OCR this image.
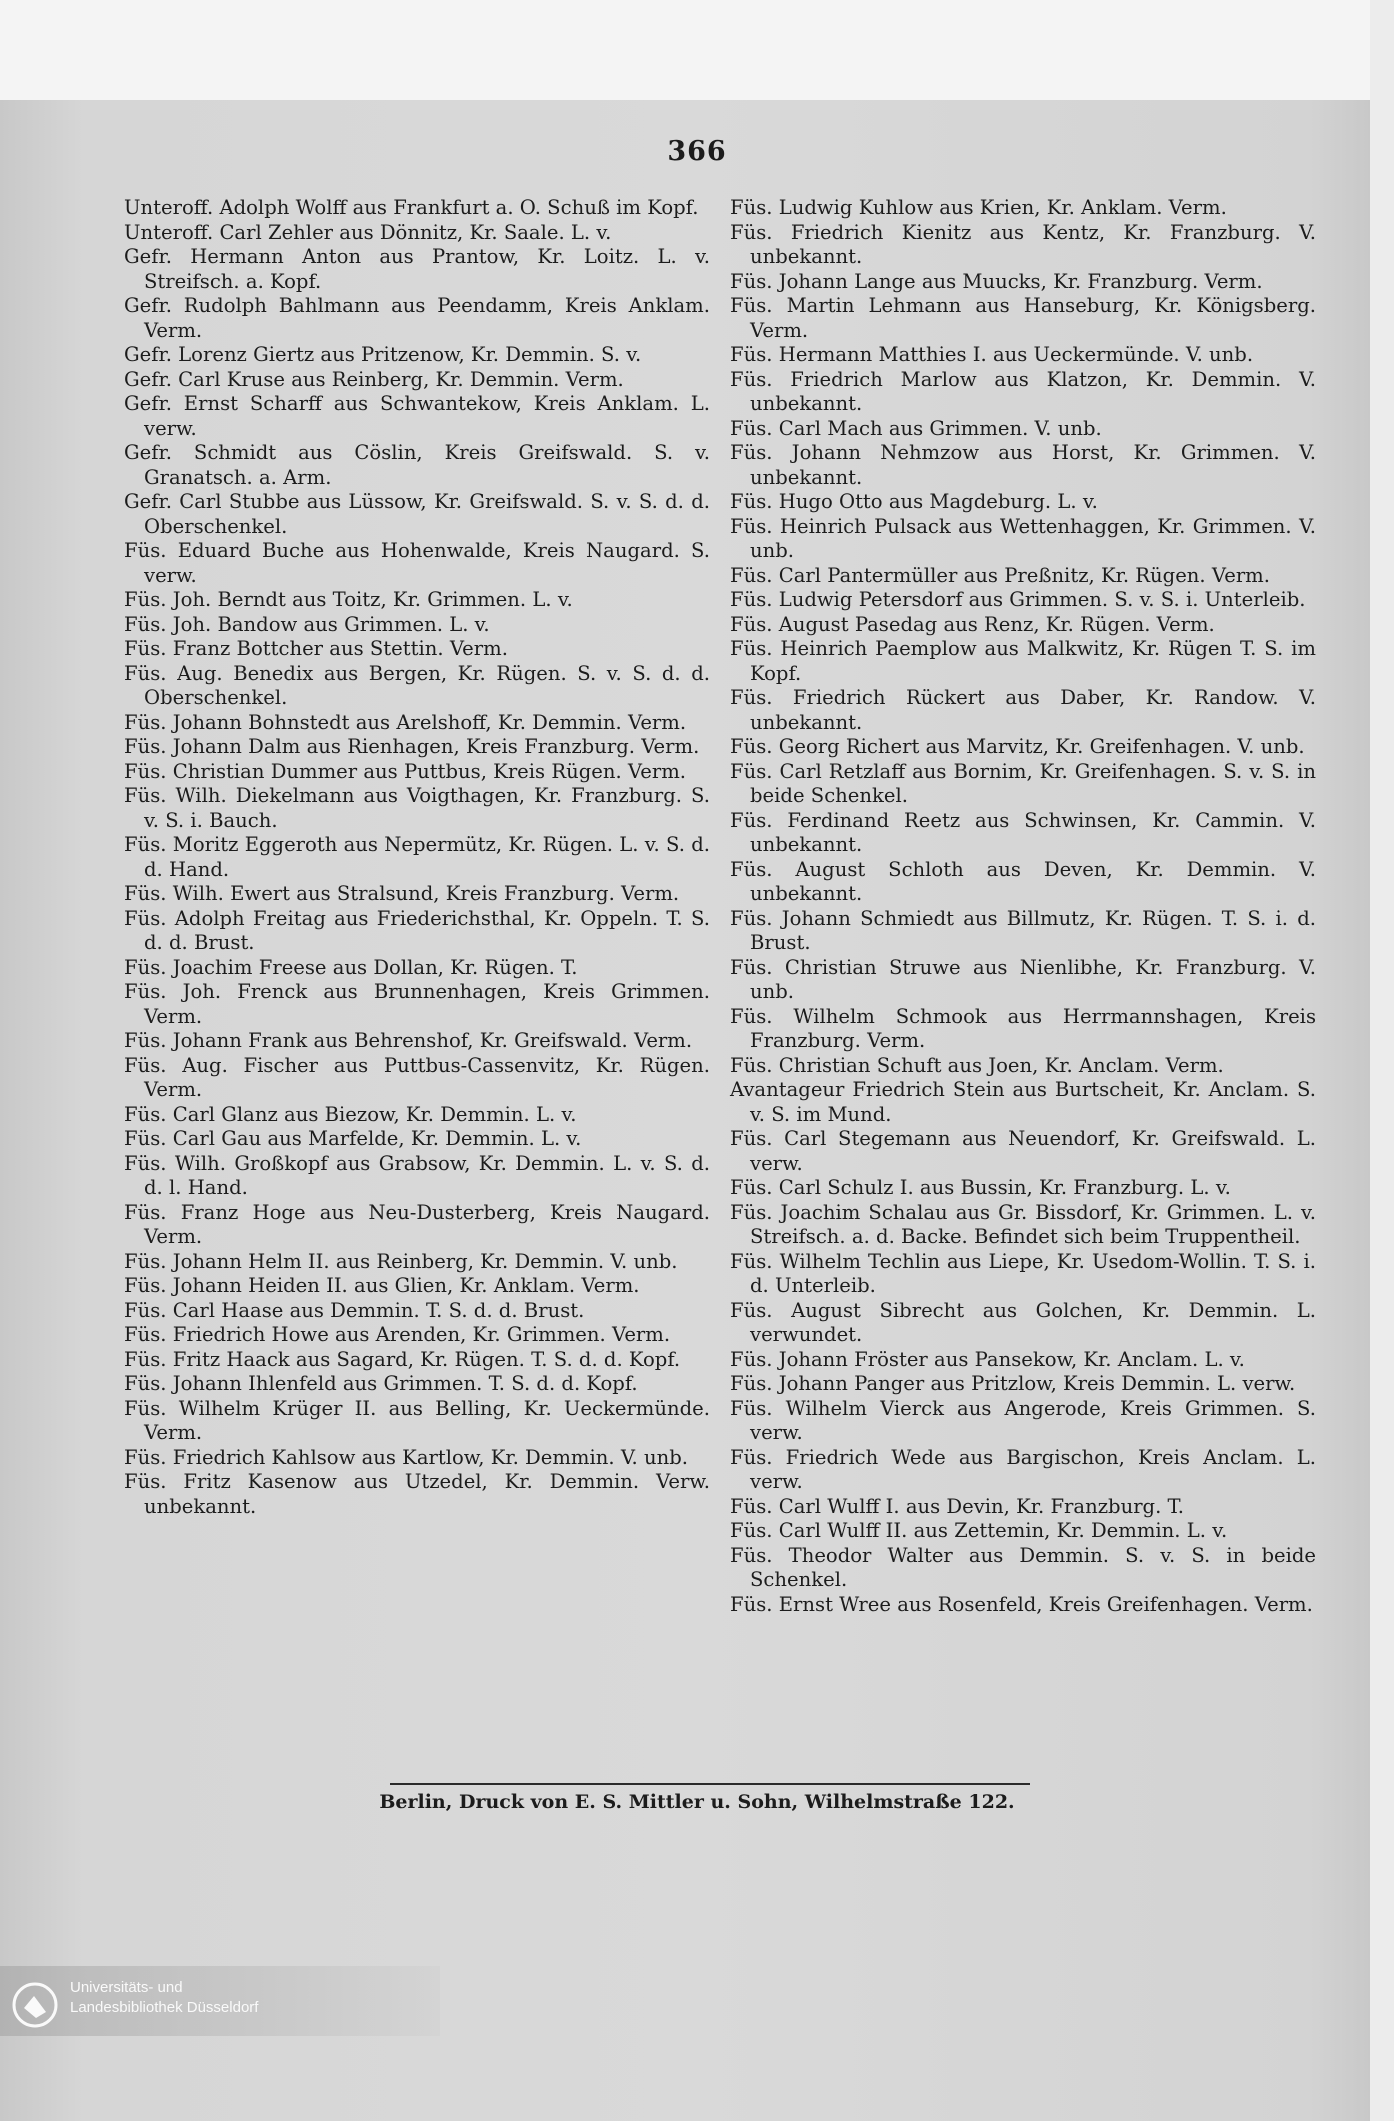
366
Unteroff. Adolph Wolff aus Frankfurt a. O. Schuß im Kopf.
Unteroff. Carl Zehler aus Dönnitz, Kr. Saale. L. v.
Gefr. Hermann Anton aus Prantow, Kr. Loitz. L. v. Streifsch. a. Kopf.
Gefr. Rudolph Bahlmann aus Peendamm, Kreis Anklam. Verm.
Gefr. Lorenz Giertz aus Pritzenow, Kr. Demmin. S. v.
Gefr. Carl Kruse aus Reinberg, Kr. Demmin. Verm.
Gefr. Ernst Scharff aus Schwantekow, Kreis Anklam. L. verw.
Gefr. Schmidt aus Cöslin, Kreis Greifswald. S. v. Granatsch. a. Arm.
Gefr. Carl Stubbe aus Lüssow, Kr. Greifswald. S. v. S. d. d. Oberschenkel.
Füs. Eduard Buche aus Hohenwalde, Kreis Naugard. S. verw.
Füs. Joh. Berndt aus Toitz, Kr. Grimmen. L. v.
Füs. Joh. Bandow aus Grimmen. L. v.
Füs. Franz Bottcher aus Stettin. Verm.
Füs. Aug. Benedix aus Bergen, Kr. Rügen. S. v. S. d. d. Oberschenkel.
Füs. Johann Bohnstedt aus Arelshoff, Kr. Demmin. Verm.
Füs. Johann Dalm aus Rienhagen, Kreis Franzburg. Verm.
Füs. Christian Dummer aus Puttbus, Kreis Rügen. Verm.
Füs. Wilh. Diekelmann aus Voigthagen, Kr. Franzburg. S. v. S. i. Bauch.
Füs. Moritz Eggeroth aus Nepermütz, Kr. Rügen. L. v. S. d. d. Hand.
Füs. Wilh. Ewert aus Stralsund, Kreis Franzburg. Verm.
Füs. Adolph Freitag aus Friederichsthal, Kr. Oppeln. T. S. d. d. Brust.
Füs. Joachim Freese aus Dollan, Kr. Rügen. T.
Füs. Joh. Frenck aus Brunnenhagen, Kreis Grimmen. Verm.
Füs. Johann Frank aus Behrenshof, Kr. Greifswald. Verm.
Füs. Aug. Fischer aus Puttbus-Cassenvitz, Kr. Rügen. Verm.
Füs. Carl Glanz aus Biezow, Kr. Demmin. L. v.
Füs. Carl Gau aus Marfelde, Kr. Demmin. L. v.
Füs. Wilh. Großkopf aus Grabsow, Kr. Demmin. L. v. S. d. d. l. Hand.
Füs. Franz Hoge aus Neu-Dusterberg, Kreis Naugard. Verm.
Füs. Johann Helm II. aus Reinberg, Kr. Demmin. V. unb.
Füs. Johann Heiden II. aus Glien, Kr. Anklam. Verm.
Füs. Carl Haase aus Demmin. T. S. d. d. Brust.
Füs. Friedrich Howe aus Arenden, Kr. Grimmen. Verm.
Füs. Fritz Haack aus Sagard, Kr. Rügen. T. S. d. d. Kopf.
Füs. Johann Ihlenfeld aus Grimmen. T. S. d. d. Kopf.
Füs. Wilhelm Krüger II. aus Belling, Kr. Ueckermünde. Verm.
Füs. Friedrich Kahlsow aus Kartlow, Kr. Demmin. V. unb.
Füs. Fritz Kasenow aus Utzedel, Kr. Demmin. Verw. unbekannt.
Füs. Ludwig Kuhlow aus Krien, Kr. Anklam. Verm.
Füs. Friedrich Kienitz aus Kentz, Kr. Franzburg. V. unbekannt.
Füs. Johann Lange aus Muucks, Kr. Franzburg. Verm.
Füs. Martin Lehmann aus Hanseburg, Kr. Königsberg. Verm.
Füs. Hermann Matthies I. aus Ueckermünde. V. unb.
Füs. Friedrich Marlow aus Klatzon, Kr. Demmin. V. unbekannt.
Füs. Carl Mach aus Grimmen. V. unb.
Füs. Johann Nehmzow aus Horst, Kr. Grimmen. V. unbekannt.
Füs. Hugo Otto aus Magdeburg. L. v.
Füs. Heinrich Pulsack aus Wettenhaggen, Kr. Grimmen. V. unb.
Füs. Carl Pantermüller aus Preßnitz, Kr. Rügen. Verm.
Füs. Ludwig Petersdorf aus Grimmen. S. v. S. i. Unterleib.
Füs. August Pasedag aus Renz, Kr. Rügen. Verm.
Füs. Heinrich Paemplow aus Malkwitz, Kr. Rügen T. S. im Kopf.
Füs. Friedrich Rückert aus Daber, Kr. Randow. V. unbekannt.
Füs. Georg Richert aus Marvitz, Kr. Greifenhagen. V. unb.
Füs. Carl Retzlaff aus Bornim, Kr. Greifenhagen. S. v. S. in beide Schenkel.
Füs. Ferdinand Reetz aus Schwinsen, Kr. Cammin. V. unbekannt.
Füs. August Schloth aus Deven, Kr. Demmin. V. unbekannt.
Füs. Johann Schmiedt aus Billmutz, Kr. Rügen. T. S. i. d. Brust.
Füs. Christian Struwe aus Nienlibhe, Kr. Franzburg. V. unb.
Füs. Wilhelm Schmook aus Herrmannshagen, Kreis Franzburg. Verm.
Füs. Christian Schuft aus Joen, Kr. Anclam. Verm.
Avantageur Friedrich Stein aus Burtscheit, Kr. Anclam. S. v. S. im Mund.
Füs. Carl Stegemann aus Neuendorf, Kr. Greifswald. L. verw.
Füs. Carl Schulz I. aus Bussin, Kr. Franzburg. L. v.
Füs. Joachim Schalau aus Gr. Bissdorf, Kr. Grimmen. L. v. Streifsch. a. d. Backe. Befindet sich beim Truppentheil.
Füs. Wilhelm Techlin aus Liepe, Kr. Usedom-Wollin. T. S. i. d. Unterleib.
Füs. August Sibrecht aus Golchen, Kr. Demmin. L. verwundet.
Füs. Johann Fröster aus Pansekow, Kr. Anclam. L. v.
Füs. Johann Panger aus Pritzlow, Kreis Demmin. L. verw.
Füs. Wilhelm Vierck aus Angerode, Kreis Grimmen. S. verw.
Füs. Friedrich Wede aus Bargischon, Kreis Anclam. L. verw.
Füs. Carl Wulff I. aus Devin, Kr. Franzburg. T.
Füs. Carl Wulff II. aus Zettemin, Kr. Demmin. L. v.
Füs. Theodor Walter aus Demmin. S. v. S. in beide Schenkel.
Füs. Ernst Wree aus Rosenfeld, Kreis Greifenhagen. Verm.
Berlin, Druck von E. S. Mittler u. Sohn, Wilhelmstraße 122.
Universitäts- und
Landesbibliothek Düsseldorf
